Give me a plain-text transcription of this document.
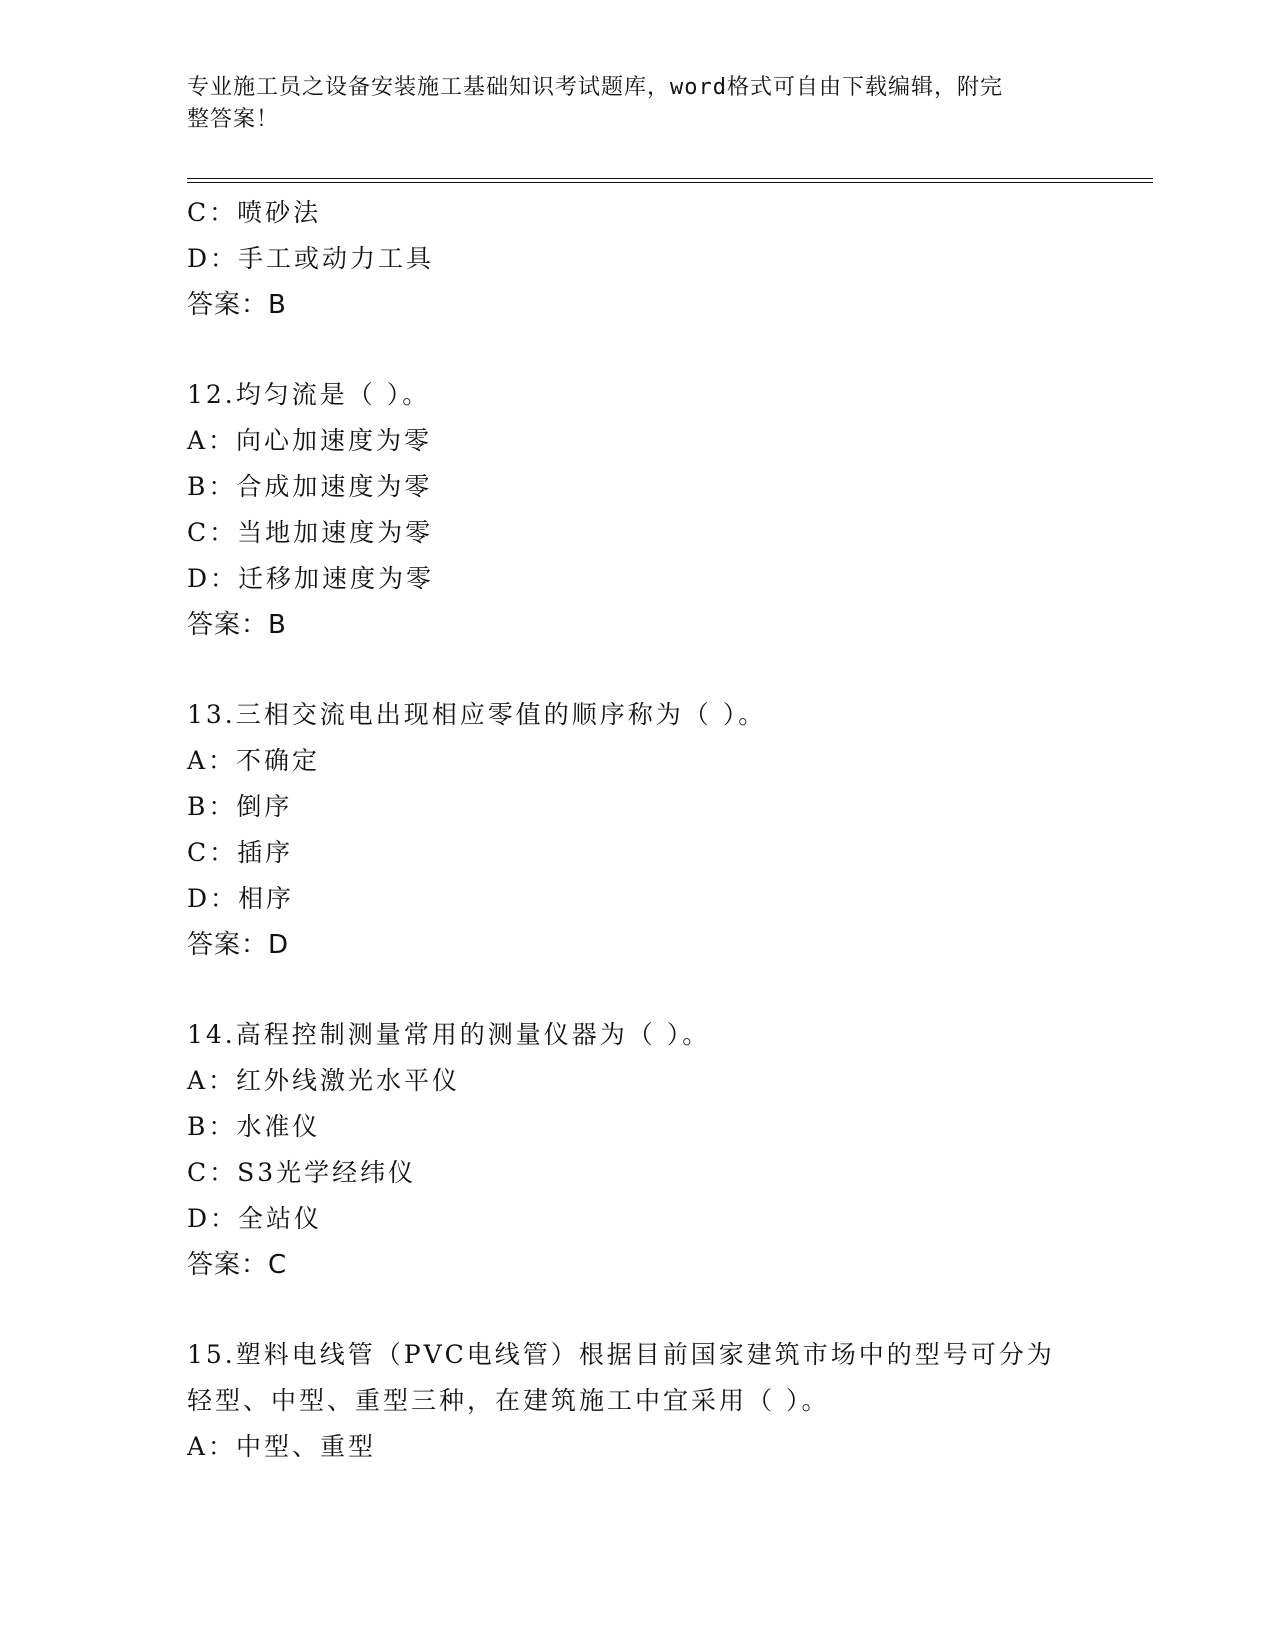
专业施工员之设备安装施工基础知识考试题库，word格式可自由下载编辑，附完
整答案！
C：喷砂法
D：手工或动力工具
答案：B
12.均匀流是（ ）。
A：向心加速度为零
B：合成加速度为零
C：当地加速度为零
D：迁移加速度为零
答案：B
13.三相交流电出现相应零值的顺序称为（ ）。
A：不确定
B：倒序
C：插序
D：相序
答案：D
14.高程控制测量常用的测量仪器为（ ）。
A：红外线激光水平仪
B：水准仪
C：S3光学经纬仪
D：全站仪
答案：C
15.塑料电线管（PVC电线管）根据目前国家建筑市场中的型号可分为轻型、中型、重型三种，在建筑施工中宜采用（ ）。
A：中型、重型
